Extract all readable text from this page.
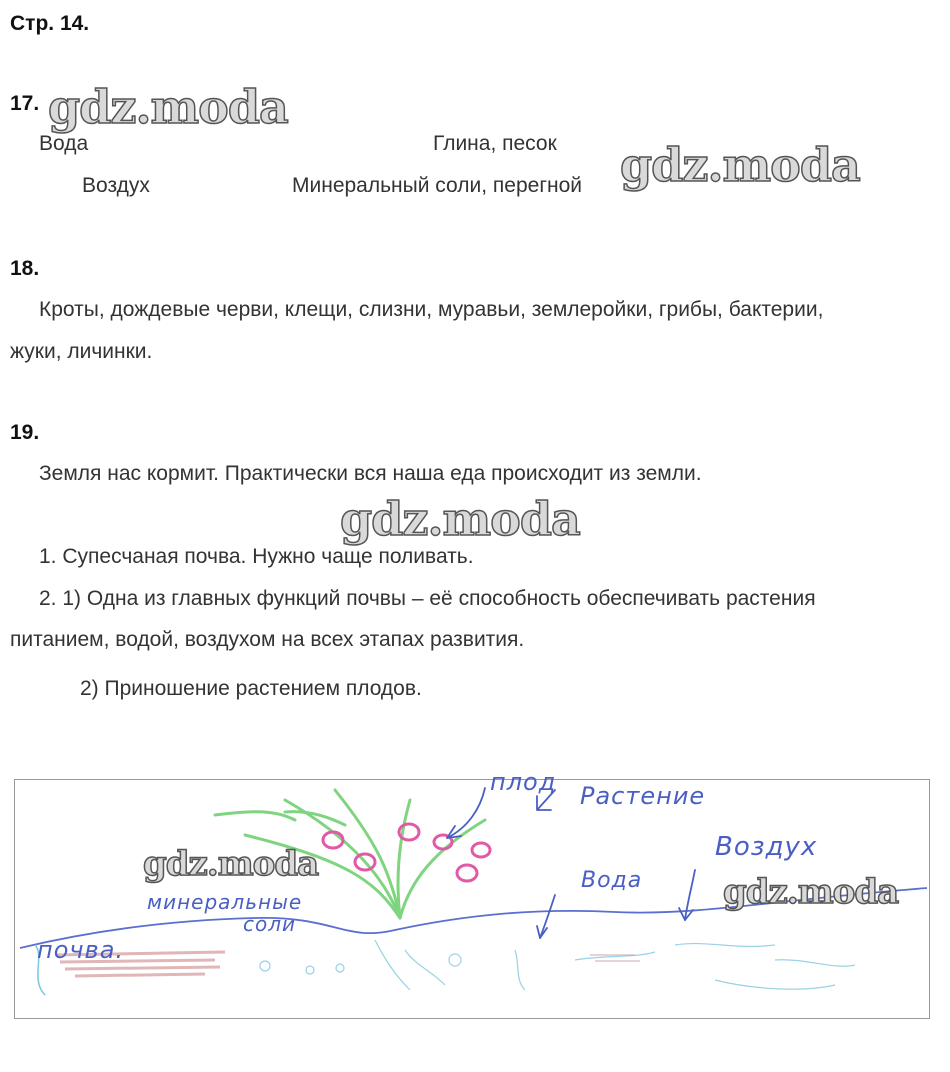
Стр. 14.
17. gdz.moda
Вода	Глина, песок
Воздух	Минеральный соли, перегной gdz.moda
18.
Кроты, дождевые черви, клещи, слизни, муравьи, землеройки, грибы, бактерии,
жуки, личинки.
19.
Земля нас кормит. Практически вся наша еда происходит из земли.
gdz.moda
1. Супесчаная почва. Нужно чаще поливать.
2. 1) Одна из главных функций почвы – её способность обеспечивать растения
питанием, водой, воздухом на всех этапах развития.
2) Приношение растением плодов.
плод Растение
Воздух
Вода
минеральные
соли
почва.
gdz.moda
gdz.moda
